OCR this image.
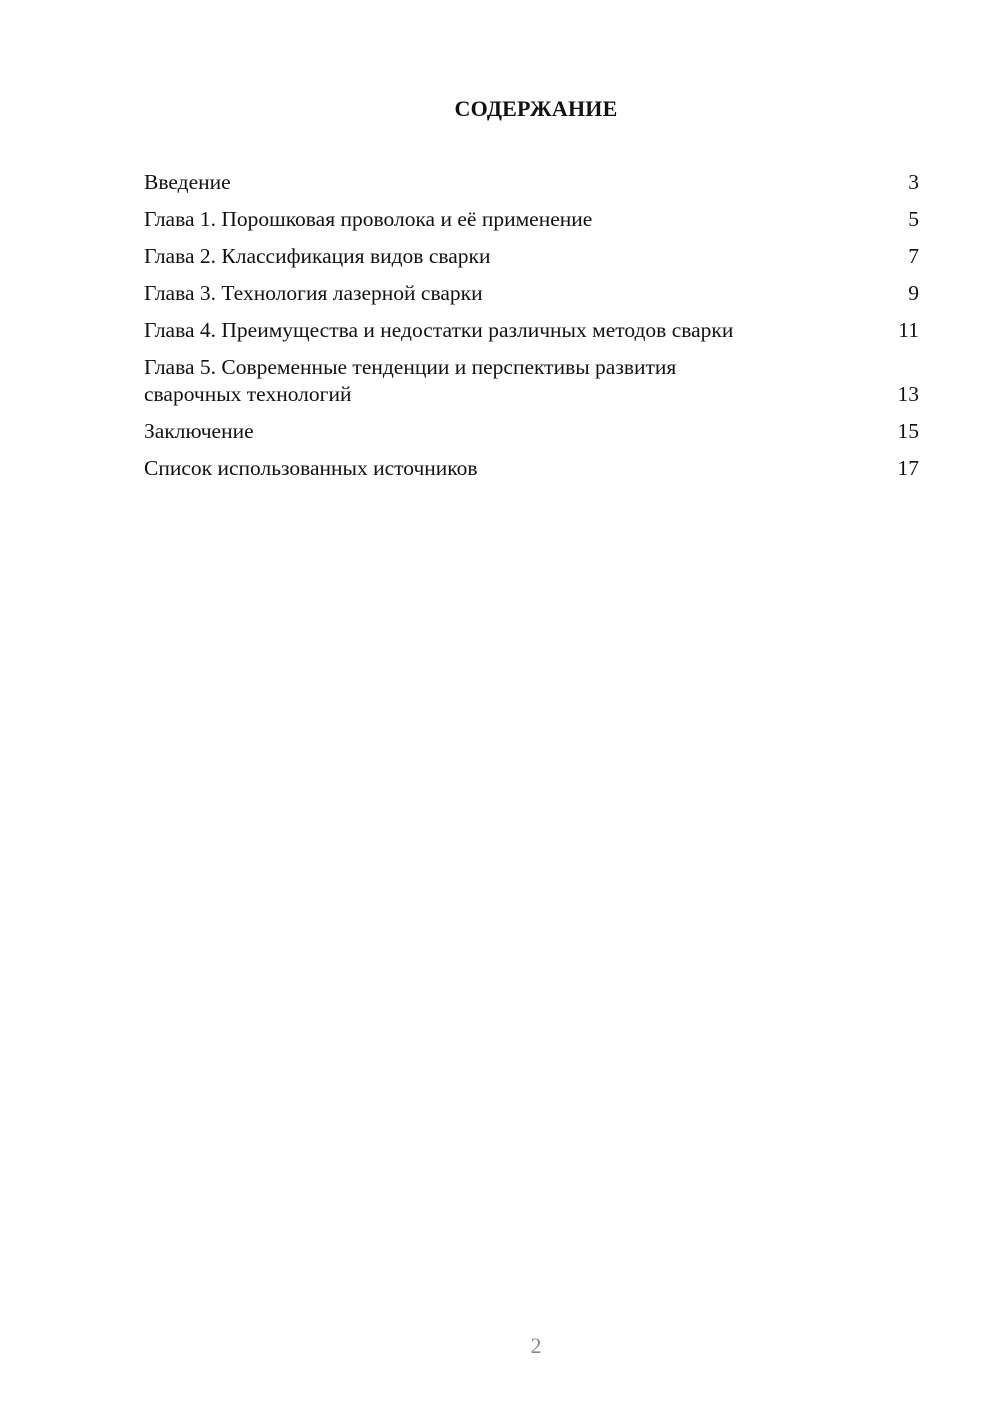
СОДЕРЖАНИЕ
Введение	3
Глава 1. Порошковая проволока и её применение	5
Глава 2. Классификация видов сварки	7
Глава 3. Технология лазерной сварки	9
Глава 4. Преимущества и недостатки различных методов сварки	11
Глава 5. Современные тенденции и перспективы развития сварочных технологий	13
Заключение	15
Список использованных источников	17
2
